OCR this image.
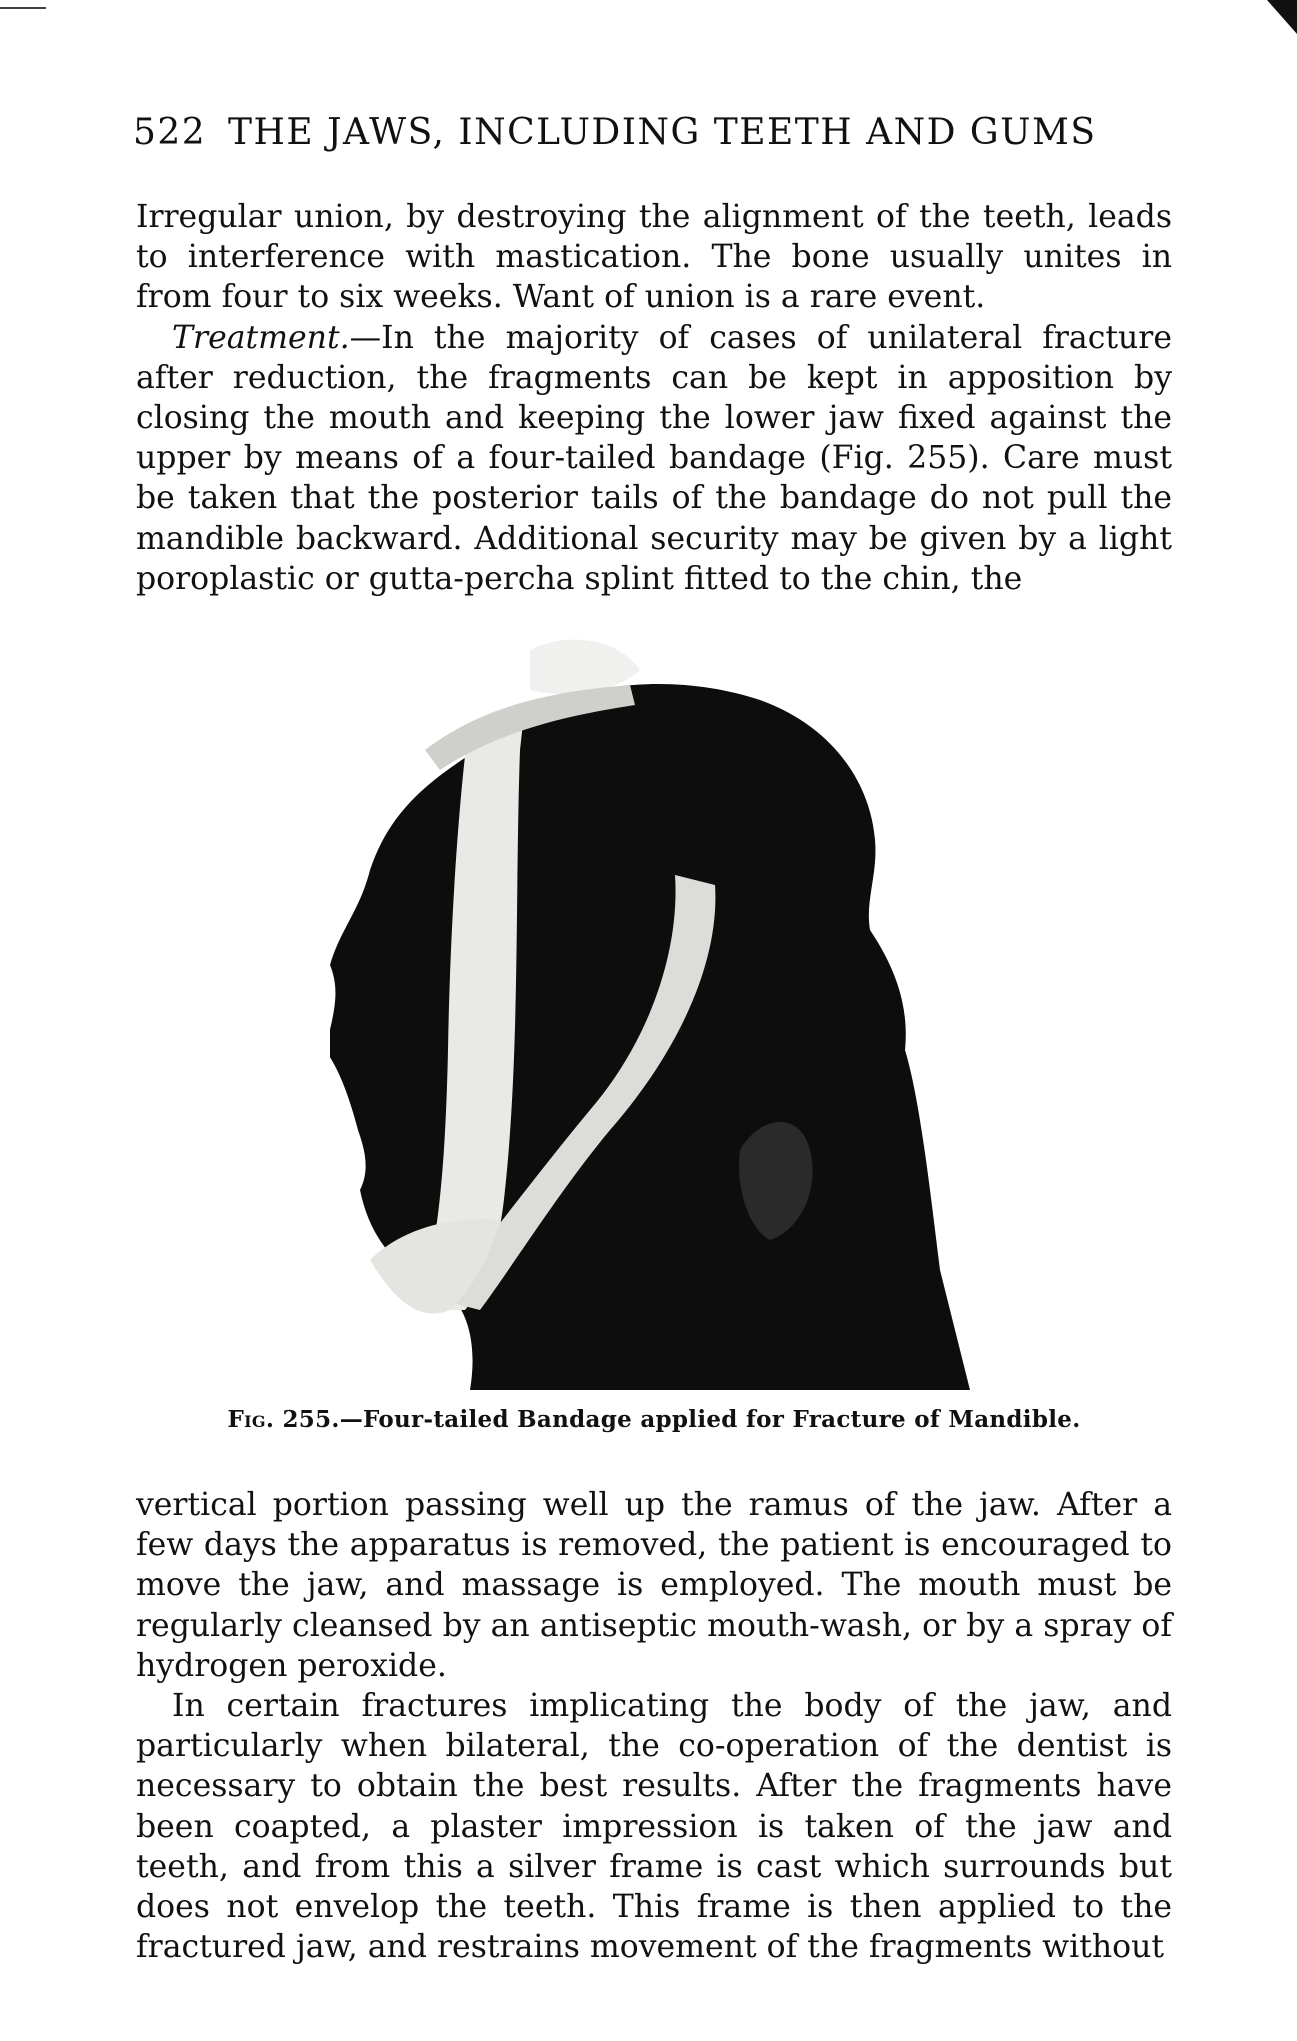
522 THE JAWS, INCLUDING TEETH AND GUMS

Irregular union, by destroying the alignment of the teeth, leads to interference with mastication. The bone usually unites in from four to six weeks. Want of union is a rare event.

Treatment.—In the majority of cases of unilateral fracture after reduction, the fragments can be kept in apposition by closing the mouth and keeping the lower jaw fixed against the upper by means of a four-tailed bandage (Fig. 255). Care must be taken that the posterior tails of the bandage do not pull the mandible backward. Additional security may be given by a light poroplastic or gutta-percha splint fitted to the chin, the

Fig. 255.—Four-tailed Bandage applied for Fracture of Mandible.

vertical portion passing well up the ramus of the jaw. After a few days the apparatus is removed, the patient is encouraged to move the jaw, and massage is employed. The mouth must be regularly cleansed by an antiseptic mouth-wash, or by a spray of hydrogen peroxide.

In certain fractures implicating the body of the jaw, and particularly when bilateral, the co-operation of the dentist is necessary to obtain the best results. After the fragments have been coapted, a plaster impression is taken of the jaw and teeth, and from this a silver frame is cast which surrounds but does not envelop the teeth. This frame is then applied to the fractured jaw, and restrains movement of the fragments without
